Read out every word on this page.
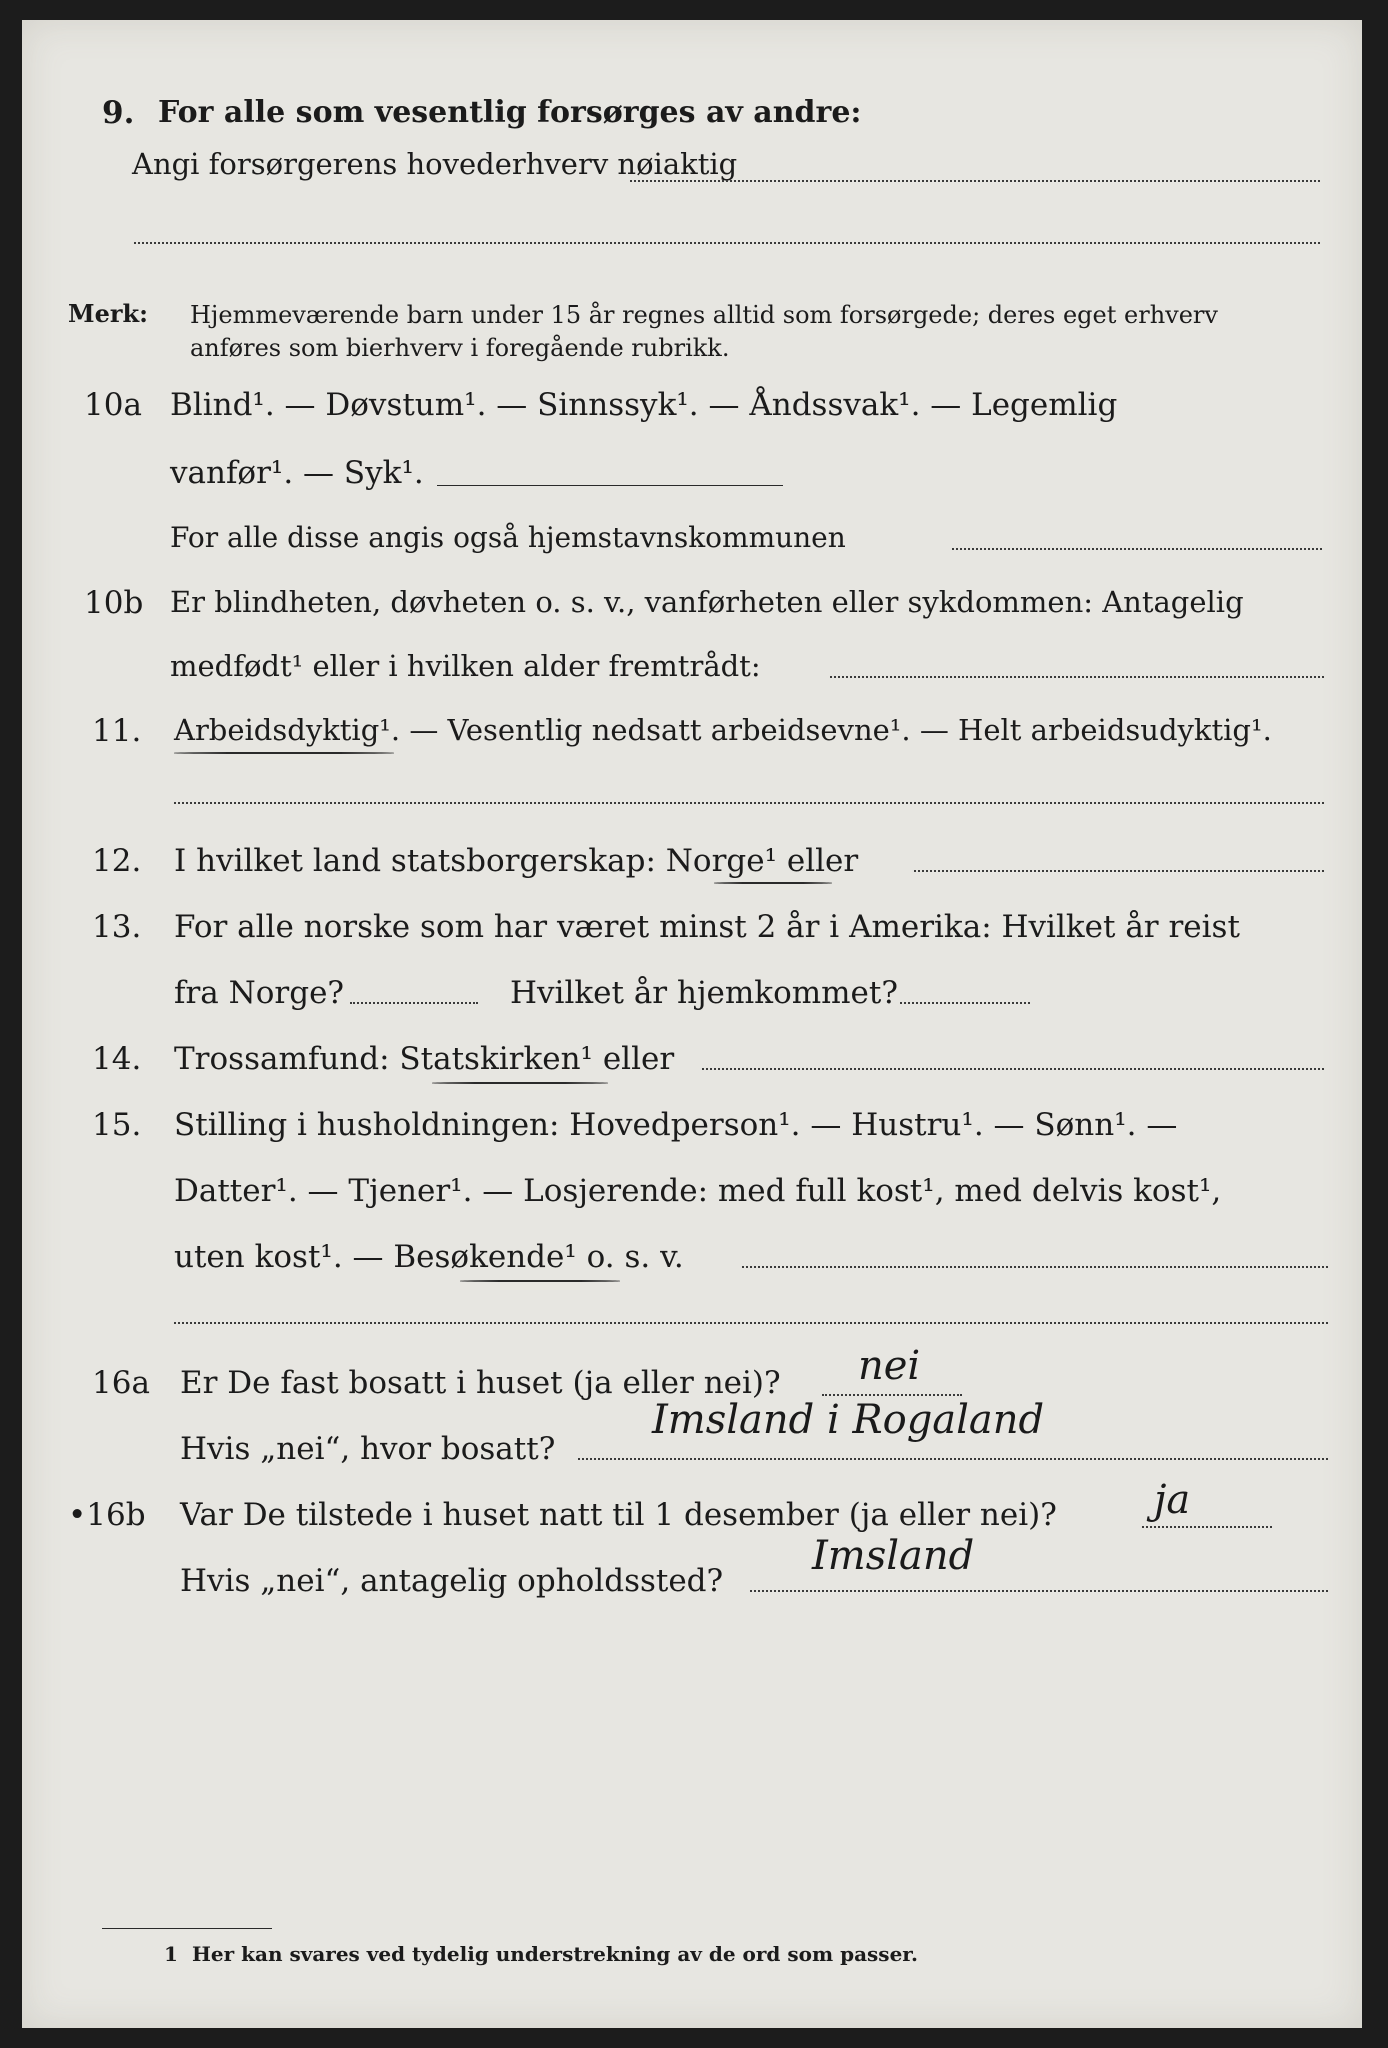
9. For alle som vesentlig forsørges av andre:
Angi forsørgerens hovederhverv nøiaktig
Merk: Hjemmeværende barn under 15 år regnes alltid som forsørgede; deres eget erhverv
anføres som bierhverv i foregående rubrikk.
10a Blind¹. — Døvstum¹. — Sinnssyk¹. — Åndssvak¹. — Legemlig
vanfør¹. — Syk¹.
For alle disse angis også hjemstavnskommunen
10b Er blindheten, døvheten o. s. v., vanførheten eller sykdommen: Antagelig
medfødt¹ eller i hvilken alder fremtrådt:
11. Arbeidsdyktig¹. — Vesentlig nedsatt arbeidsevne¹. — Helt arbeidsudyktig¹.
12. I hvilket land statsborgerskap: Norge¹ eller
13. For alle norske som har været minst 2 år i Amerika: Hvilket år reist
fra Norge?	Hvilket år hjemkommet?
14. Trossamfund: Statskirken¹ eller
15. Stilling i husholdningen: Hovedperson¹. — Hustru¹. — Sønn¹. —
Datter¹. — Tjener¹. — Losjerende: med full kost¹, med delvis kost¹,
uten kost¹. — Besøkende¹ o. s. v.
16a Er De fast bosatt i huset (ja eller nei)? nei
Hvis „nei“, hvor bosatt?
Imsland i Rogaland
•16b Var De tilstede i huset natt til 1 desember (ja eller nei)? ja
Hvis „nei“, antagelig opholdssted?
Imsland
1 Her kan svares ved tydelig understrekning av de ord som passer.
